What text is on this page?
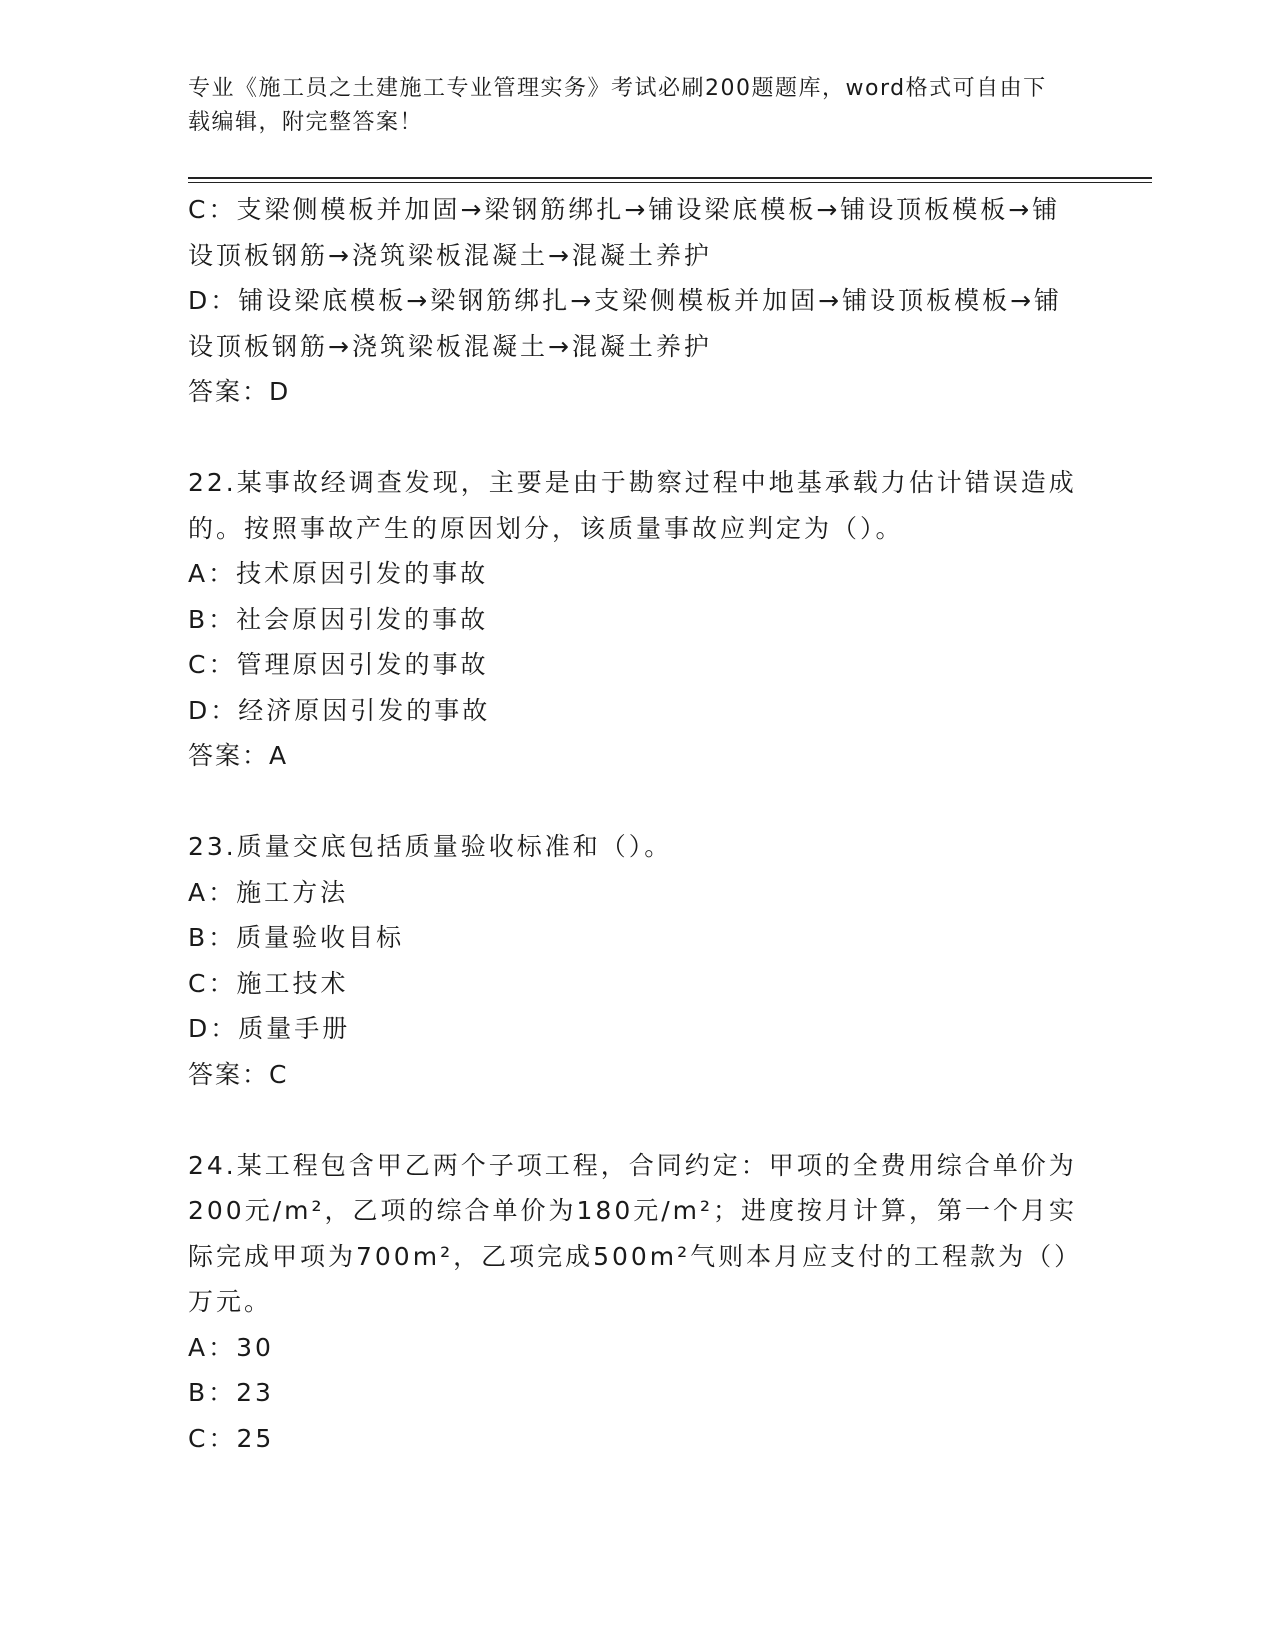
专业《施工员之土建施工专业管理实务》考试必刷200题题库，word格式可自由下载编辑，附完整答案！
C：支梁侧模板并加固→梁钢筋绑扎→铺设梁底模板→铺设顶板模板→铺设顶板钢筋→浇筑梁板混凝土→混凝土养护
D：铺设梁底模板→梁钢筋绑扎→支梁侧模板并加固→铺设顶板模板→铺设顶板钢筋→浇筑梁板混凝土→混凝土养护
答案：D
22.某事故经调查发现，主要是由于勘察过程中地基承载力估计错误造成的。按照事故产生的原因划分，该质量事故应判定为（）。
A：技术原因引发的事故
B：社会原因引发的事故
C：管理原因引发的事故
D：经济原因引发的事故
答案：A
23.质量交底包括质量验收标准和（）。
A：施工方法
B：质量验收目标
C：施工技术
D：质量手册
答案：C
24.某工程包含甲乙两个子项工程，合同约定：甲项的全费用综合单价为200元/m²，乙项的综合单价为180元/m²；进度按月计算，第一个月实际完成甲项为700m²，乙项完成500m²气则本月应支付的工程款为（）万元。
A：30
B：23
C：25
